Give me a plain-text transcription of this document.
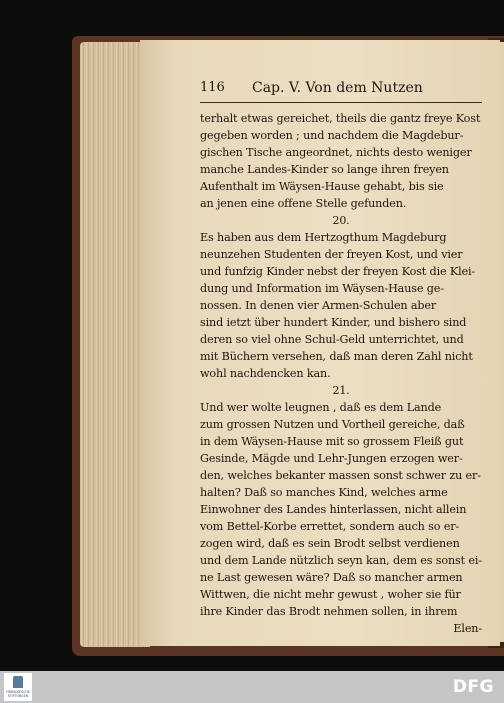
116 Cap. V. Von dem Nutzen
terhalt etwas gereichet, theils die gantz freye Kost
gegeben worden ; und nachdem die Magdebur-
gischen Tische angeordnet, nichts desto weniger
manche Landes-Kinder so lange ihren freyen
Aufenthalt im Wäysen-Hause gehabt, bis sie
an jenen eine offene Stelle gefunden.
20.
Es haben aus dem Hertzogthum Magdeburg
neunzehen Studenten der freyen Kost, und vier
und funfzig Kinder nebst der freyen Kost die Klei-
dung und Information im Wäysen-Hause ge-
nossen. In denen vier Armen-Schulen aber
sind ietzt über hundert Kinder, und bishero sind
deren so viel ohne Schul-Geld unterrichtet, und
mit Büchern versehen, daß man deren Zahl nicht
wohl nachdencken kan.
21.
Und wer wolte leugnen , daß es dem Lande
zum grossen Nutzen und Vortheil gereiche, daß
in dem Wäysen-Hause mit so grossem Fleiß gut
Gesinde, Mägde und Lehr-Jungen erzogen wer-
den, welches bekanter massen sonst schwer zu er-
halten? Daß so manches Kind, welches arme
Einwohner des Landes hinterlassen, nicht allein
vom Bettel-Korbe errettet, sondern auch so er-
zogen wird, daß es sein Brodt selbst verdienen
und dem Lande nützlich seyn kan, dem es sonst ei-
ne Last gewesen wäre? Daß so mancher armen
Wittwen, die nicht mehr gewust , woher sie für
ihre Kinder das Brodt nehmen sollen, in ihrem
Elen-
FRANCKESCHE STIFTUNGEN	DFG
